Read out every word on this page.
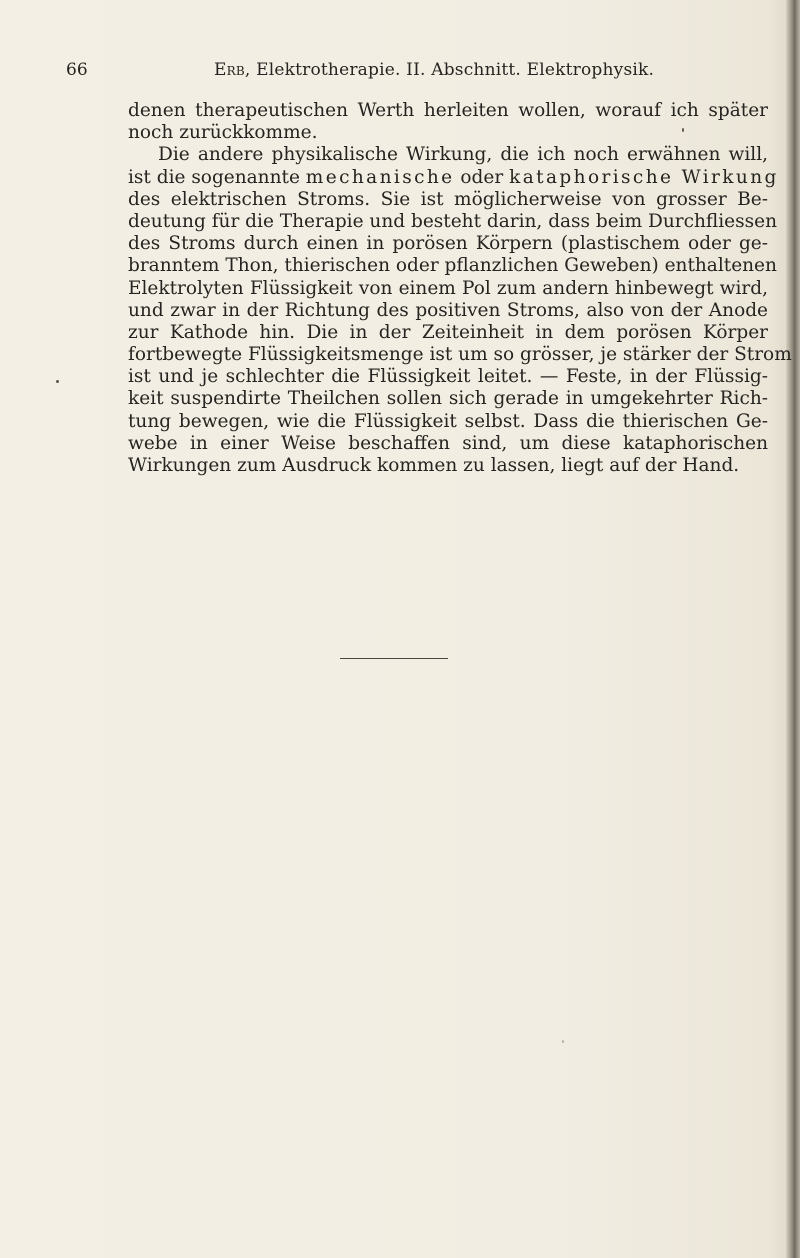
66	Erb, Elektrotherapie. II. Abschnitt. Elektrophysik.
denen therapeutischen Werth herleiten wollen, worauf ich später
noch zurückkomme.
Die andere physikalische Wirkung, die ich noch erwähnen will,
ist die sogenannte mechanische oder kataphorische Wirkung
des elektrischen Stroms. Sie ist möglicherweise von grosser Be-
deutung für die Therapie und besteht darin, dass beim Durchfliessen
des Stroms durch einen in porösen Körpern (plastischem oder ge-
branntem Thon, thierischen oder pflanzlichen Geweben) enthaltenen
Elektrolyten Flüssigkeit von einem Pol zum andern hinbewegt wird,
und zwar in der Richtung des positiven Stroms, also von der Anode
zur Kathode hin. Die in der Zeiteinheit in dem porösen Körper
fortbewegte Flüssigkeitsmenge ist um so grösser, je stärker der Strom
ist und je schlechter die Flüssigkeit leitet. — Feste, in der Flüssig-
keit suspendirte Theilchen sollen sich gerade in umgekehrter Rich-
tung bewegen, wie die Flüssigkeit selbst. Dass die thierischen Ge-
webe in einer Weise beschaffen sind, um diese kataphorischen
Wirkungen zum Ausdruck kommen zu lassen, liegt auf der Hand.
